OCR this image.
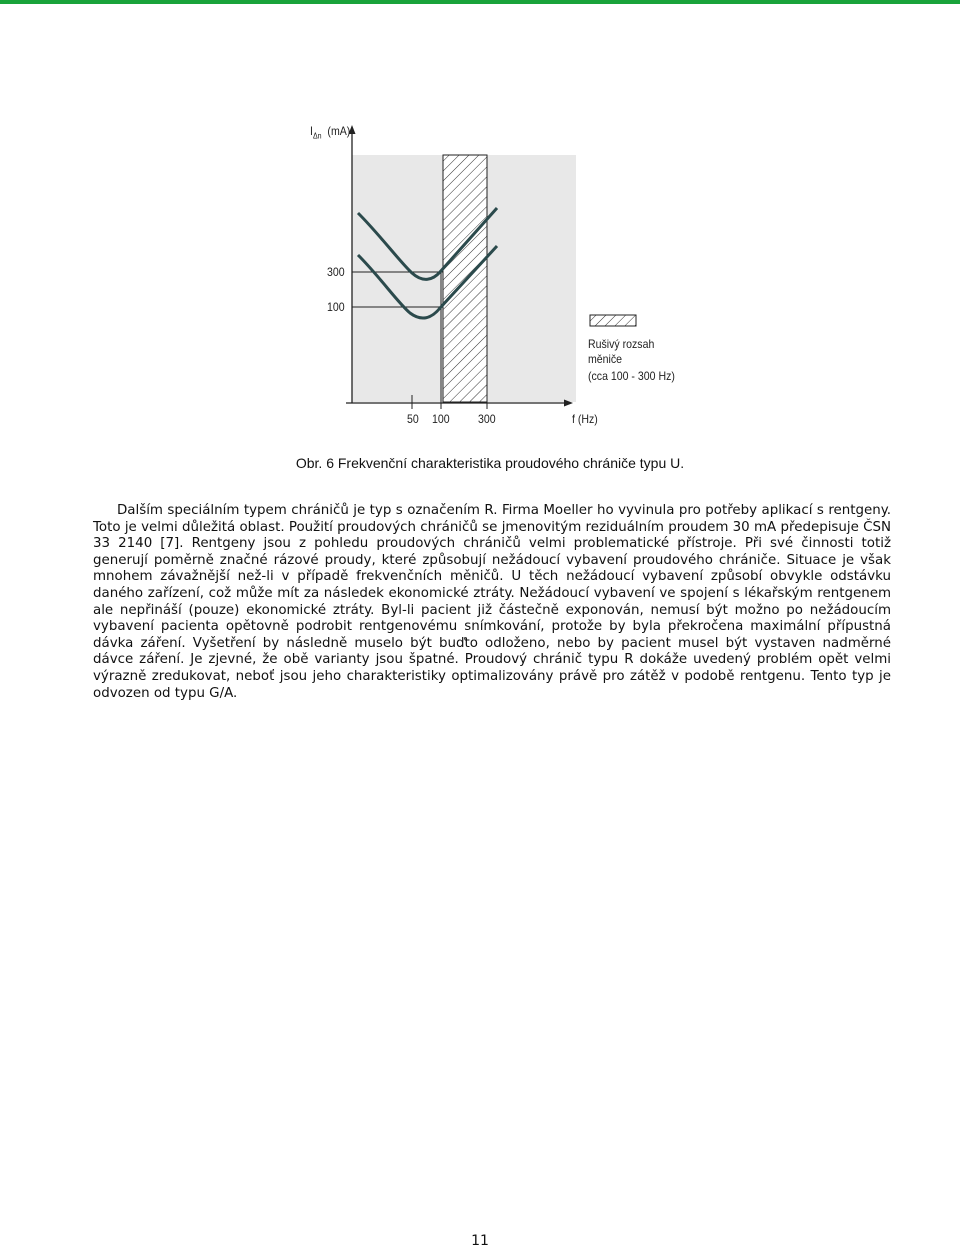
$I_{\Delta n}$ (mA)
300
100
50 100 300	f (Hz)
Rušivý rozsah
měniče
(cca 100 - 300 Hz)
Obr. 6 Frekvenční charakteristika proudového chrániče typu U.

Dalším speciálním typem chráničů je typ s označením R. Firma Moeller ho vyvinula pro potřeby aplikací s rentgeny. Toto je velmi důležitá oblast. Použití proudových chráničů se jmenovitým reziduálním proudem 30 mA předepisuje ČSN 33 2140 [7]. Rentgeny jsou z pohledu proudových chráničů velmi problematické přístroje. Při své činnosti totiž generují poměrně značné rázové proudy, které způsobují nežádoucí vybavení proudového chrániče. Situace je však mnohem závažnější než-li v případě frekvenčních měničů. U těch nežádoucí vybavení způsobí obvykle odstávku daného zařízení, což může mít za následek ekonomické ztráty. Nežádoucí vybavení ve spojení s lékařským rentgenem ale nepřináší (pouze) ekonomické ztráty. Byl-li pacient již částečně exponován, nemusí být možno po nežádoucím vybavení pacienta opětovně podrobit rentgenovému snímkování, protože by byla překročena maximální přípustná dávka záření. Vyšetření by následně muselo být buďto odloženo, nebo by pacient musel být vystaven nadměrné dávce záření. Je zjevné, že obě varianty jsou špatné. Proudový chránič typu R dokáže uvedený problém opět velmi výrazně zredukovat, neboť jsou jeho charakteristiky optimalizovány právě pro zátěž v podobě rentgenu. Tento typ je odvozen od typu G/A.

11
